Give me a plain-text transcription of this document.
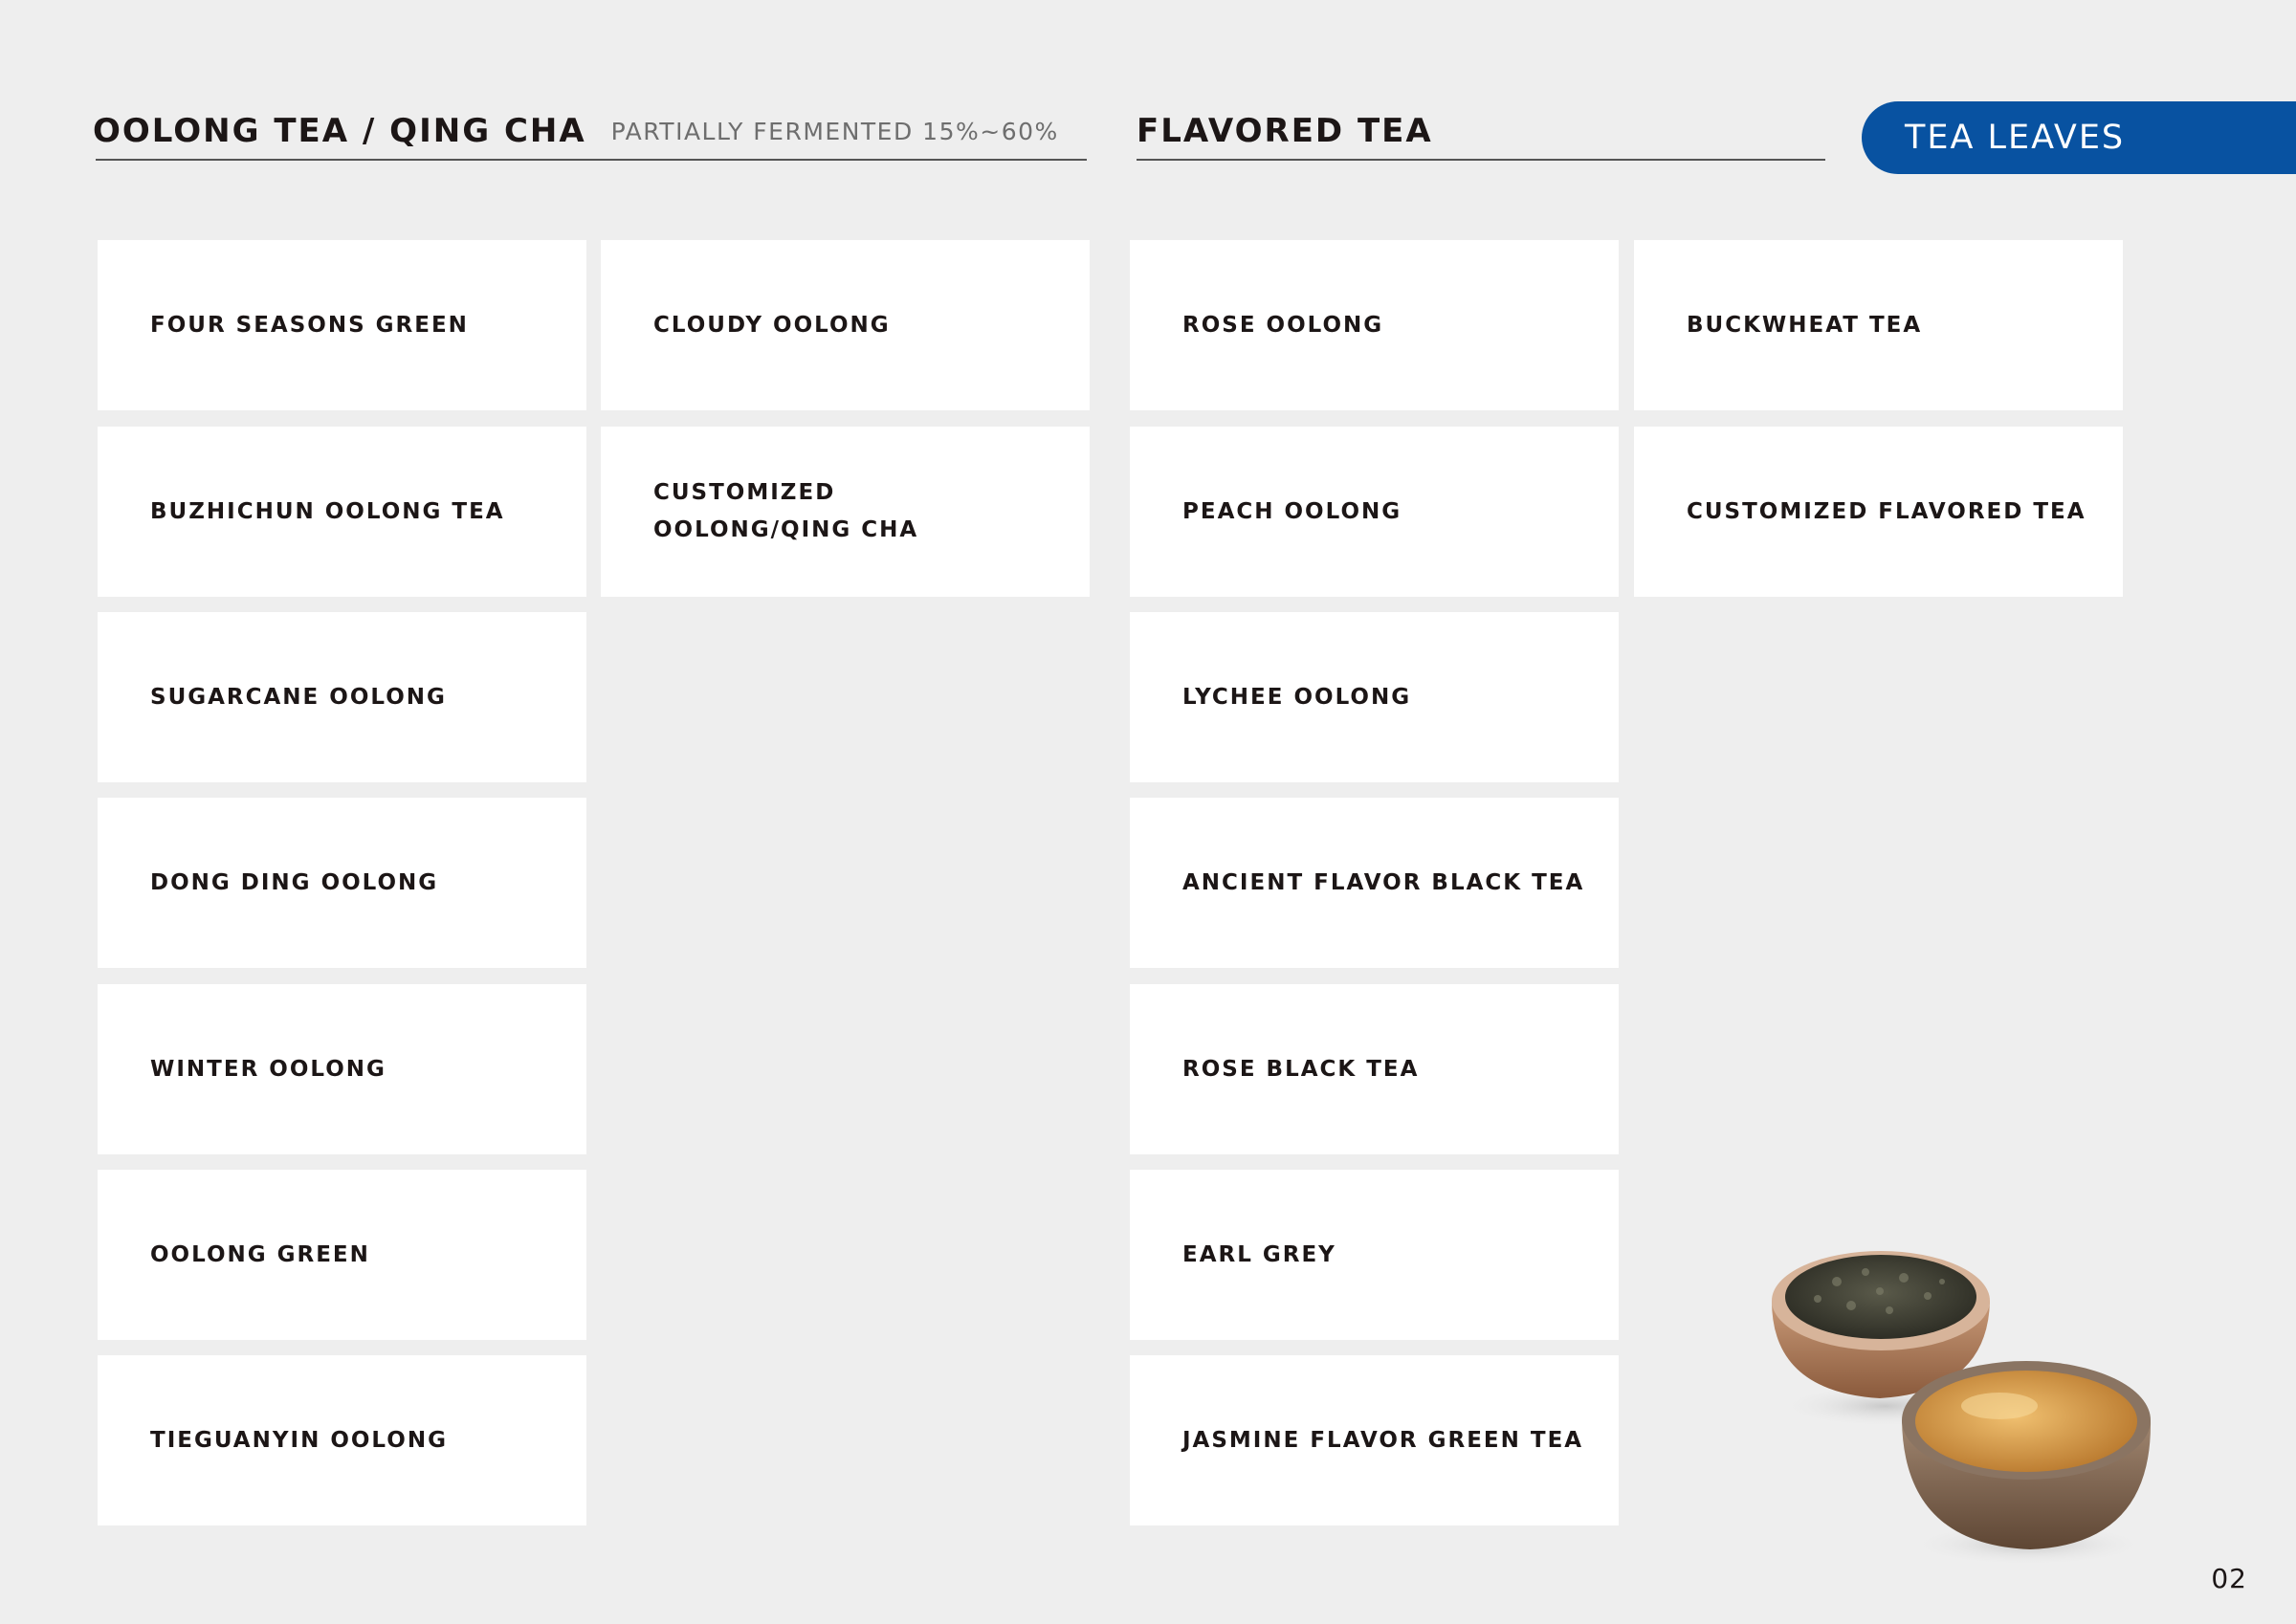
OOLONG TEA / QING CHA PARTIALLY FERMENTED 15%~60% FLAVORED TEA	TEA LEAVES
FOUR SEASONS GREEN
BUZHICHUN OOLONG TEA
SUGARCANE OOLONG
DONG DING OOLONG
WINTER OOLONG
OOLONG GREEN
TIEGUANYIN OOLONG
CLOUDY OOLONG
CUSTOMIZED
OOLONG/QING CHA
ROSE OOLONG
PEACH OOLONG
LYCHEE OOLONG
ANCIENT FLAVOR BLACK TEA
ROSE BLACK TEA
EARL GREY
JASMINE FLAVOR GREEN TEA
BUCKWHEAT TEA
CUSTOMIZED FLAVORED TEA
02
